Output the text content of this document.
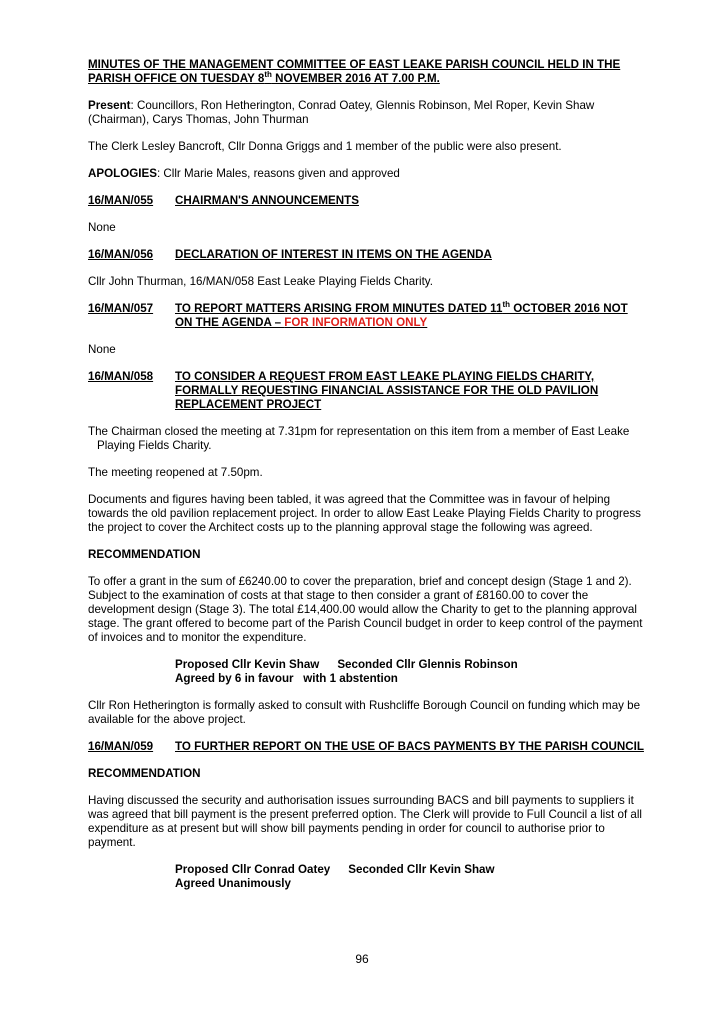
MINUTES OF THE MANAGEMENT COMMITTEE OF EAST LEAKE PARISH COUNCIL HELD IN THE PARISH OFFICE ON TUESDAY 8th NOVEMBER 2016 AT 7.00 P.M.

Present: Councillors, Ron Hetherington, Conrad Oatey, Glennis Robinson, Mel Roper, Kevin Shaw (Chairman), Carys Thomas, John Thurman

The Clerk Lesley Bancroft, Cllr Donna Griggs and 1 member of the public were also present.

APOLOGIES: Cllr Marie Males, reasons given and approved

16/MAN/055	CHAIRMAN'S ANNOUNCEMENTS

None

16/MAN/056	DECLARATION OF INTEREST IN ITEMS ON THE AGENDA

Cllr John Thurman, 16/MAN/058 East Leake Playing Fields Charity.

16/MAN/057	TO REPORT MATTERS ARISING FROM MINUTES DATED 11th OCTOBER 2016 NOT ON THE AGENDA – FOR INFORMATION ONLY

None

16/MAN/058	TO CONSIDER A REQUEST FROM EAST LEAKE PLAYING FIELDS CHARITY, FORMALLY REQUESTING FINANCIAL ASSISTANCE FOR THE OLD PAVILION REPLACEMENT PROJECT

The Chairman closed the meeting at 7.31pm for representation on this item from a member of East Leake Playing Fields Charity.

The meeting reopened at 7.50pm.

Documents and figures having been tabled, it was agreed that the Committee was in favour of helping towards the old pavilion replacement project. In order to allow East Leake Playing Fields Charity to progress the project to cover the Architect costs up to the planning approval stage the following was agreed.

RECOMMENDATION

To offer a grant in the sum of £6240.00 to cover the preparation, brief and concept design (Stage 1 and 2). Subject to the examination of costs at that stage to then consider a grant of £8160.00 to cover the development design (Stage 3). The total £14,400.00 would allow the Charity to get to the planning approval stage. The grant offered to become part of the Parish Council budget in order to keep control of the payment of invoices and to monitor the expenditure.

Proposed Cllr Kevin Shaw Seconded Cllr Glennis Robinson
Agreed by 6 in favour   with 1 abstention

Cllr Ron Hetherington is formally asked to consult with Rushcliffe Borough Council on funding which may be available for the above project.

16/MAN/059	TO FURTHER REPORT ON THE USE OF BACS PAYMENTS BY THE PARISH COUNCIL

RECOMMENDATION

Having discussed the security and authorisation issues surrounding BACS and bill payments to suppliers it was agreed that bill payment is the present preferred option. The Clerk will provide to Full Council a list of all expenditure as at present but will show bill payments pending in order for council to authorise prior to payment.

Proposed Cllr Conrad Oatey Seconded Cllr Kevin Shaw
Agreed Unanimously
96
